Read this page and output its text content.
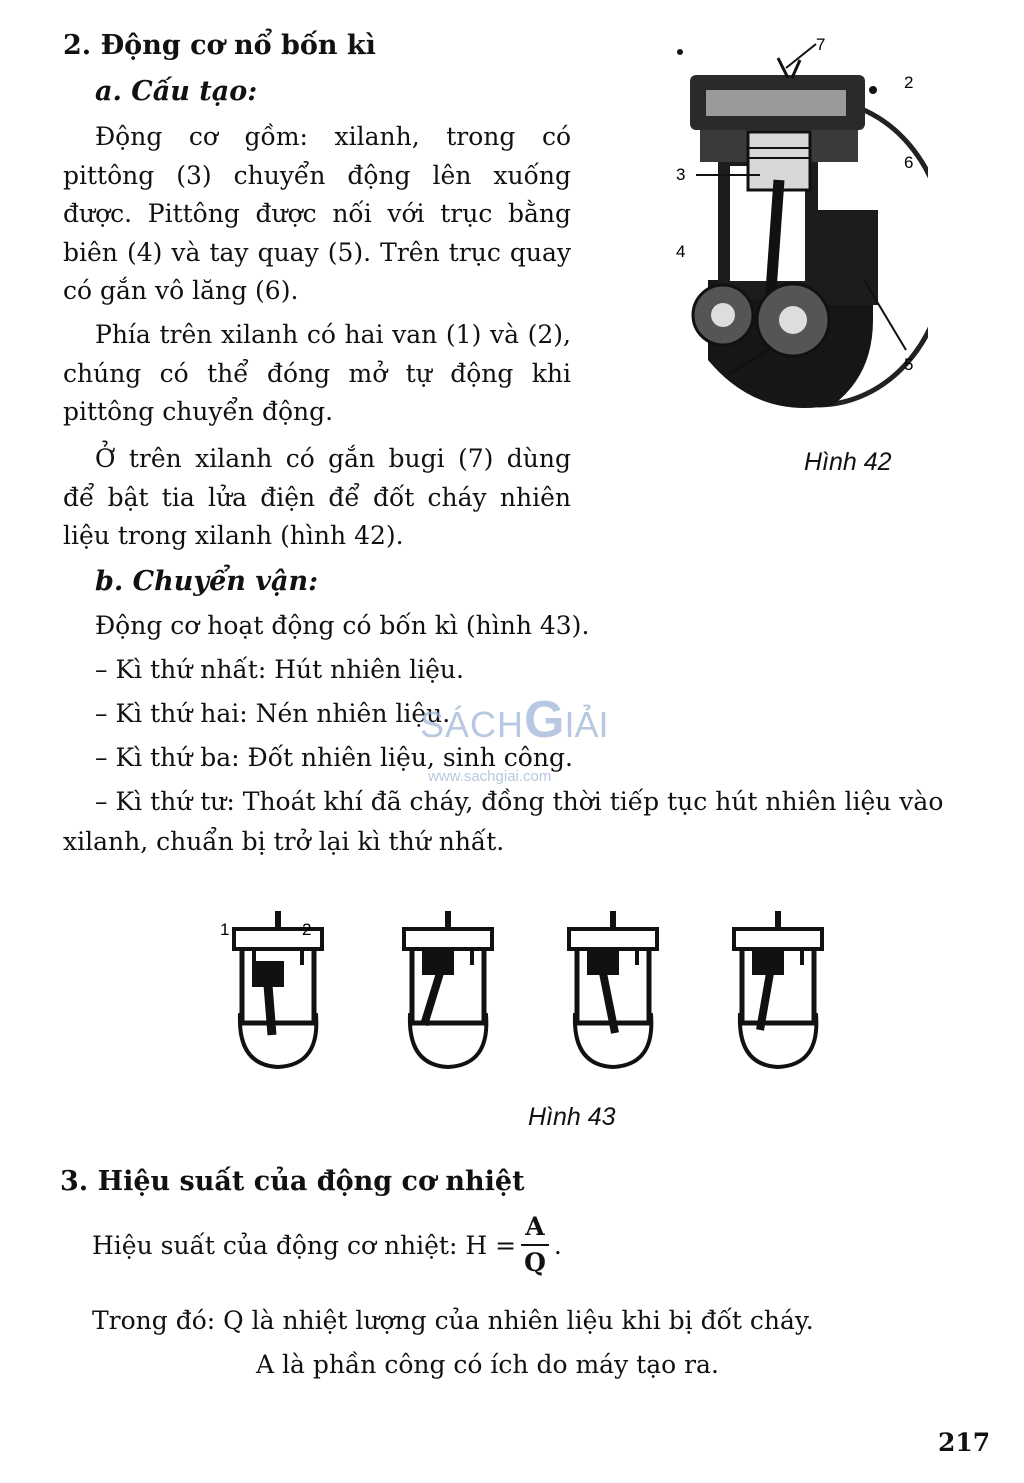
2. Động cơ nổ bốn kì
a. Cấu tạo:
Động cơ gồm: xilanh, trong có pittông (3) chuyển động lên xuống được. Pittông được nối với trục bằng biên (4) và tay quay (5). Trên trục quay có gắn vô lăng (6).
Phía trên xilanh có hai van (1) và (2), chúng có thể đóng mở tự động khi pittông chuyển động.
Ở trên xilanh có gắn bugi (7) dùng để bật tia lửa điện để đốt cháy nhiên liệu trong xilanh (hình 42).
7
2
3
6
4
5
Hình 42
b. Chuyển vận:
Động cơ hoạt động có bốn kì (hình 43).
– Kì thứ nhất: Hút nhiên liệu.
– Kì thứ hai: Nén nhiên liệu.
– Kì thứ ba: Đốt nhiên liệu, sinh công.
– Kì thứ tư: Thoát khí đã cháy, đồng thời tiếp tục hút nhiên liệu vào
xilanh, chuẩn bị trở lại kì thứ nhất.
SÁCHGIẢI
www.sachgiai.com
1	2
Hình 43
3. Hiệu suất của động cơ nhiệt
Hiệu suất của động cơ nhiệt: $H = \frac{A}{Q}$ .
Trong đó: Q là nhiệt lượng của nhiên liệu khi bị đốt cháy.
A là phần công có ích do máy tạo ra.
217
